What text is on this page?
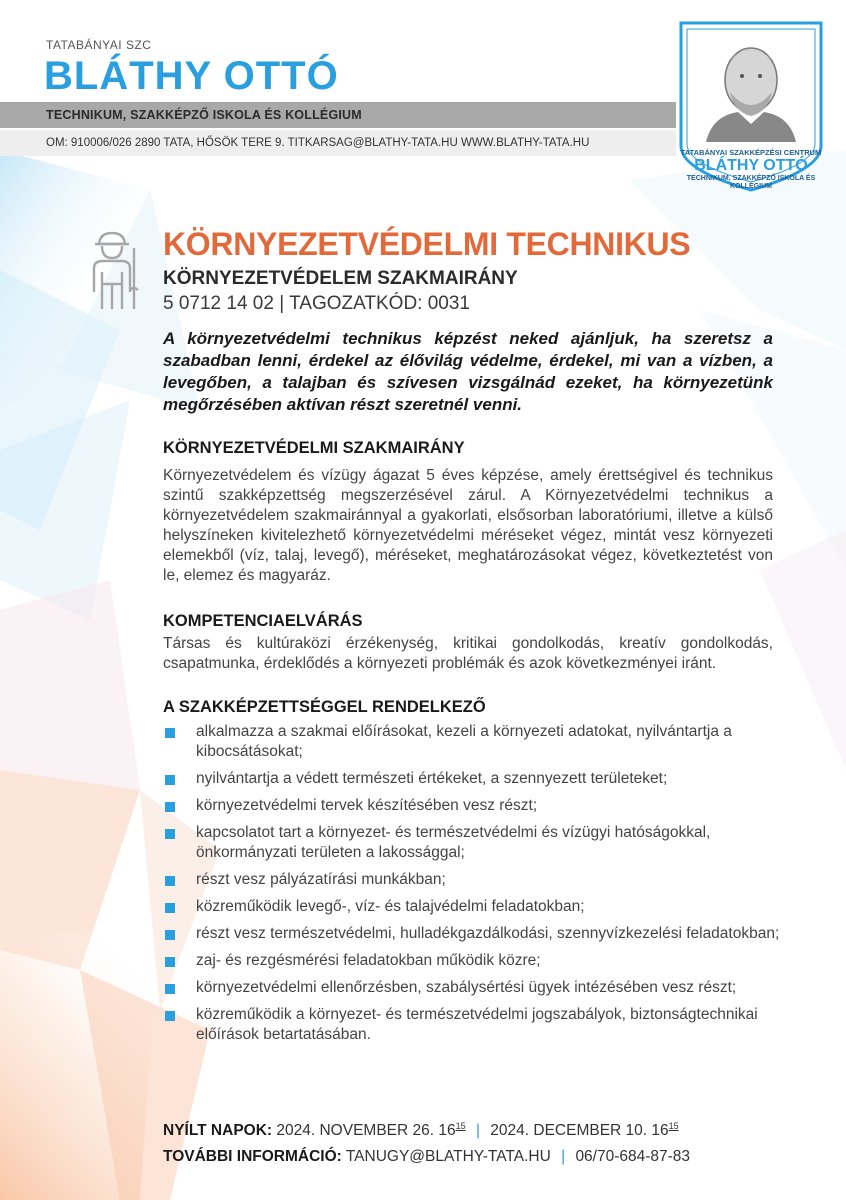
TATABÁNYAI SZC
BLÁTHY OTTÓ
TECHNIKUM, SZAKKÉPZŐ ISKOLA ÉS KOLLÉGIUM
OM: 910006/026 2890 TATA, HŐSÖK TERE 9. TITKARSAG@BLATHY-TATA.HU WWW.BLATHY-TATA.HU
TATABÁNYAI SZAKKÉPZÉSI CENTRUM
BLÁTHY OTTÓ
TECHNIKUM, SZAKKÉPZŐ ISKOLA ÉS KOLLÉGIUM
KÖRNYEZETVÉDELMI TECHNIKUS
KÖRNYEZETVÉDELEM SZAKMAIRÁNY
5 0712 14 02 | TAGOZATKÓD: 0031
A környezetvédelmi technikus képzést neked ajánljuk, ha szeretsz a szabadban lenni, érdekel az élővilág védelme, érdekel, mi van a vízben, a levegőben, a talajban és szívesen vizsgálnád ezeket, ha környezetünk megőrzésében aktívan részt szeretnél venni.
KÖRNYEZETVÉDELMI SZAKMAIRÁNY
Környezetvédelem és vízügy ágazat 5 éves képzése, amely érettségivel és technikus szintű szakképzettség megszerzésével zárul. A Környezetvédelmi technikus a környezetvédelem szakmairánnyal a gyakorlati, elsősorban laboratóriumi, illetve a külső helyszíneken kivitelezhető környezetvédelmi méréseket végez, mintát vesz környezeti elemekből (víz, talaj, levegő), méréseket, meghatározásokat végez, következtetést von le, elemez és magyaráz.
KOMPETENCIAELVÁRÁS
Társas és kultúraközi érzékenység, kritikai gondolkodás, kreatív gondolkodás, csapatmunka, érdeklődés a környezeti problémák és azok következményei iránt.
A SZAKKÉPZETTSÉGGEL RENDELKEZŐ
alkalmazza a szakmai előírásokat, kezeli a környezeti adatokat, nyilvántartja a kibocsátásokat;
nyilvántartja a védett természeti értékeket, a szennyezett területeket;
környezetvédelmi tervek készítésében vesz részt;
kapcsolatot tart a környezet- és természetvédelmi és vízügyi hatóságokkal, önkormányzati területen a lakossággal;
részt vesz pályázatírási munkákban;
közreműködik levegő-, víz- és talajvédelmi feladatokban;
részt vesz természetvédelmi, hulladékgazdálkodási, szennyvízkezelési feladatokban;
zaj- és rezgésmérési feladatokban működik közre;
környezetvédelmi ellenőrzésben, szabálysértési ügyek intézésében vesz részt;
közreműködik a környezet- és természetvédelmi jogszabályok, biztonságtechnikai előírások betartatásában.
NYÍLT NAPOK: 2024. NOVEMBER 26. $16^{15}$ | 2024. DECEMBER 10. $16^{15}$
TOVÁBBI INFORMÁCIÓ: TANUGY@BLATHY-TATA.HU | 06/70-684-87-83
